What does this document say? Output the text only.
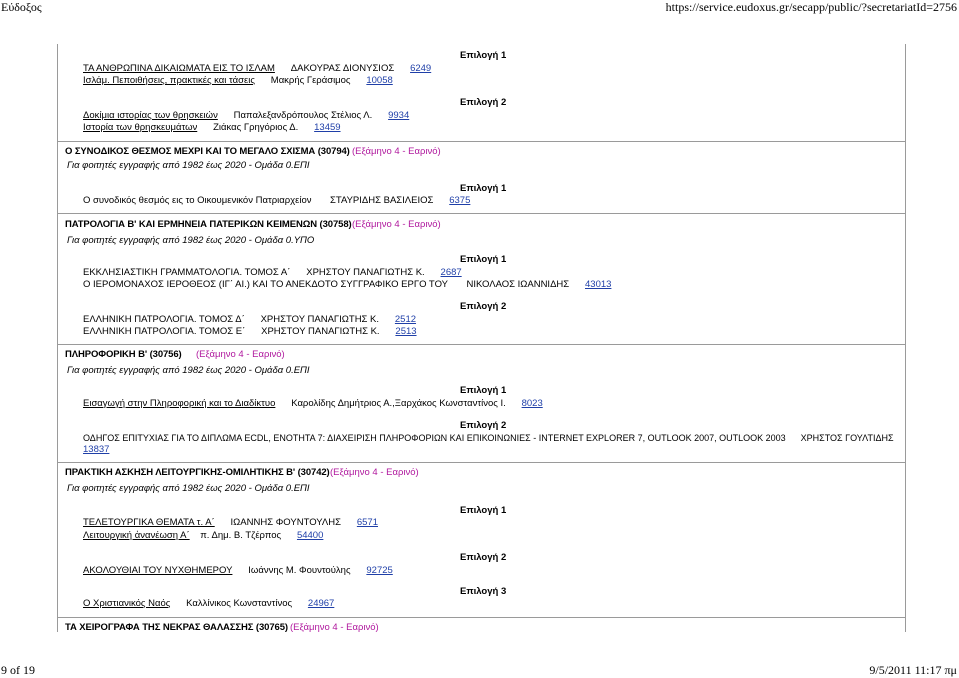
Εύδοξος	https://service.eudoxus.gr/secapp/public/?secretariatId=2756
Επιλογή 1
ΤΑ ΑΝΘΡΩΠΙΝΑ ΔΙΚΑΙΩΜΑΤΑ ΕΙΣ ΤΟ ΙΣΛΑΜ ΔΑΚΟΥΡΑΣ ΔΙΟΝΥΣΙΟΣ 6249
Ισλάμ. Πεποιθήσεις, πρακτικές και τάσεις Μακρής Γεράσιμος 10058
Επιλογή 2
Δοκίμια ιστορίας των θρησκειών Παπαλεξανδρόπουλος Στέλιος Λ. 9934
Ιστορία των θρησκευμάτων Ζιάκας Γρηγόριος Δ. 13459
Ο ΣΥΝΟΔΙΚΟΣ ΘΕΣΜΟΣ ΜΕΧΡΙ ΚΑΙ ΤΟ ΜΕΓΑΛΟ ΣΧΙΣΜΑ (30794) (Εξάμηνο 4 - Εαρινό)
Για φοιτητές εγγραφής από 1982 έως 2020 - Ομάδα 0.ΕΠΙ
Επιλογή 1
Ο συνοδικός θεσμός εις το Οικουμενικόν Πατριαρχείον ΣΤΑΥΡΙΔΗΣ ΒΑΣΙΛΕΙΟΣ 6375
ΠΑΤΡΟΛΟΓΙΑ Β' ΚΑΙ ΕΡΜΗΝΕΙΑ ΠΑΤΕΡΙΚΩΝ ΚΕΙΜΕΝΩΝ (30758) (Εξάμηνο 4 - Εαρινό)
Για φοιτητές εγγραφής από 1982 έως 2020 - Ομάδα 0.ΥΠΟ
Επιλογή 1
ΕΚΚΛΗΣΙΑΣΤΙΚΗ ΓΡΑΜΜΑΤΟΛΟΓΙΑ. ΤΟΜΟΣ Α΄ ΧΡΗΣΤΟΥ ΠΑΝΑΓΙΩΤΗΣ Κ. 2687
Ο ΙΕΡΟΜΟΝΑΧΟΣ ΙΕΡΟΘΕΟΣ (ΙΓ΄ ΑΙ.) ΚΑΙ ΤΟ ΑΝΕΚΔΟΤΟ ΣΥΓΓΡΑΦΙΚΟ ΕΡΓΟ ΤΟΥ ΝΙΚΟΛΑΟΣ ΙΩΑΝΝΙΔΗΣ 43013
Επιλογή 2
ΕΛΛΗΝΙΚΗ ΠΑΤΡΟΛΟΓΙΑ. ΤΟΜΟΣ Δ΄ ΧΡΗΣΤΟΥ ΠΑΝΑΓΙΩΤΗΣ Κ. 2512
ΕΛΛΗΝΙΚΗ ΠΑΤΡΟΛΟΓΙΑ. ΤΟΜΟΣ Ε΄ ΧΡΗΣΤΟΥ ΠΑΝΑΓΙΩΤΗΣ Κ. 2513
ΠΛΗΡΟΦΟΡΙΚΗ Β' (30756) (Εξάμηνο 4 - Εαρινό)
Για φοιτητές εγγραφής από 1982 έως 2020 - Ομάδα 0.ΕΠΙ
Επιλογή 1
Εισαγωγή στην Πληροφορική και το Διαδίκτυο Καρολίδης Δημήτριος Α.,Ξαρχάκος Κωνσταντίνος Ι. 8023
Επιλογή 2
ΟΔΗΓΟΣ ΕΠΙΤΥΧΙΑΣ ΓΙΑ ΤΟ ΔΙΠΛΩΜΑ ECDL, ΕΝΟΤΗΤΑ 7: ΔΙΑΧΕΙΡΙΣΗ ΠΛΗΡΟΦΟΡΙΩΝ ΚΑΙ ΕΠΙΚΟΙΝΩΝΙΕΣ - INTERNET EXPLORER 7, OUTLOOK 2007, OUTLOOK 2003 ΧΡΗΣΤΟΣ ΓΟΥΛΤΙΔΗΣ
13837
ΠΡΑΚΤΙΚΗ ΑΣΚΗΣΗ ΛΕΙΤΟΥΡΓΙΚΗΣ-ΟΜΙΛΗΤΙΚΗΣ Β' (30742) (Εξάμηνο 4 - Εαρινό)
Για φοιτητές εγγραφής από 1982 έως 2020 - Ομάδα 0.ΕΠΙ
Επιλογή 1
ΤΕΛΕΤΟΥΡΓΙΚΑ ΘΕΜΑΤΑ τ. Α΄ ΙΩΑΝΝΗΣ ΦΟΥΝΤΟΥΛΗΣ 6571
Λειτουργική ἀνανέωση Α΄ π. Δημ. Β. Τζέρπος 54400
Επιλογή 2
ΑΚΟΛΟΥΘΙΑΙ ΤΟΥ ΝΥΧΘΗΜΕΡΟΥ Ιωάννης Μ. Φουντούλης 92725
Επιλογή 3
Ο Χριστιανικός Ναός Καλλίνικος Κωνσταντίνος 24967
ΤΑ ΧΕΙΡΟΓΡΑΦΑ ΤΗΣ ΝΕΚΡΑΣ ΘΑΛΑΣΣΗΣ (30765) (Εξάμηνο 4 - Εαρινό)
9 of 19	9/5/2011 11:17 πμ
